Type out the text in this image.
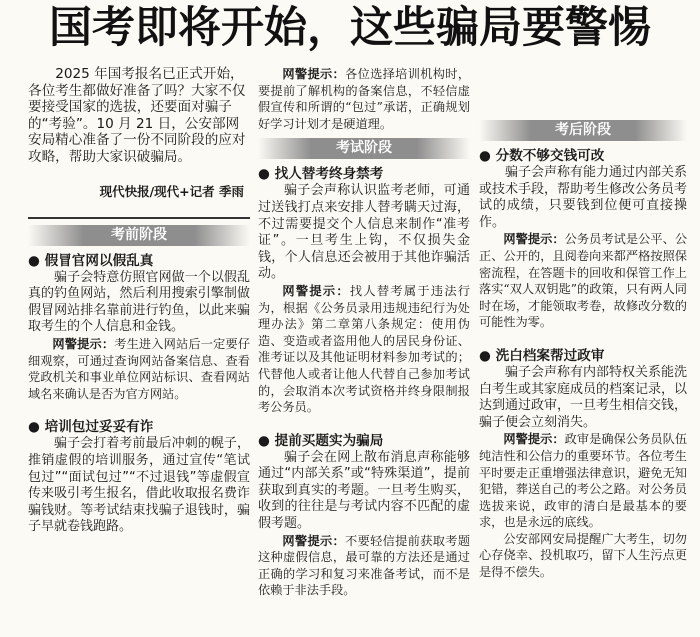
国考即将开始，这些骗局要警惕

2025 年国考报名已正式开始，各位考生都做好准备了吗？大家不仅要接受国家的选拔，还要面对骗子的“考验”。10 月 21 日，公安部网安局精心准备了一份不同阶段的应对攻略，帮助大家识破骗局。

现代快报/现代+记者 季雨
考前阶段
● 假冒官网以假乱真

骗子会特意仿照官网做一个以假乱真的钓鱼网站，然后利用搜索引擎制做假冒网站排名靠前进行钓鱼，以此来骗取考生的个人信息和金钱。

网警提示：考生进入网站后一定要仔细观察，可通过查询网站备案信息、查看党政机关和事业单位网站标识、查看网站域名来确认是否为官方网站。

● 培训包过妥妥有诈

骗子会打着考前最后冲刺的幌子，推销虚假的培训服务，通过宣传“笔试包过”“面试包过”“不过退钱”等虚假宣传来吸引考生报名，借此收取报名费诈骗钱财。等考试结束找骗子退钱时，骗子早就卷钱跑路。

网警提示：各位选择培训机构时，要提前了解机构的备案信息，不轻信虚假宣传和所谓的“包过”承诺，正确规划好学习计划才是硬道理。

考试阶段
● 找人替考终身禁考

骗子会声称认识监考老师，可通过送钱打点来安排人替考瞒天过海，不过需要提交个人信息来制作“准考证”。一旦考生上钩，不仅损失金钱，个人信息还会被用于其他诈骗活动。

网警提示：找人替考属于违法行为，根据《公务员录用违规违纪行为处理办法》第二章第八条规定：使用伪造、变造或者盗用他人的居民身份证、准考证以及其他证明材料参加考试的；代替他人或者让他人代替自己参加考试的，会取消本次考试资格并终身限制报考公务员。

● 提前买题实为骗局

骗子会在网上散布消息声称能够通过“内部关系”或“特殊渠道”，提前获取到真实的考题。一旦考生购买，收到的往往是与考试内容不匹配的虚假考题。

网警提示：不要轻信提前获取考题这种虚假信息，最可靠的方法还是通过正确的学习和复习来准备考试，而不是依赖于非法手段。

考后阶段
● 分数不够交钱可改

骗子会声称有能力通过内部关系或技术手段，帮助考生修改公务员考试的成绩，只要钱到位便可直接操作。

网警提示：公务员考试是公平、公正、公开的，且阅卷向来都严格按照保密流程，在答题卡的回收和保管工作上落实“双人双钥匙”的政策，只有两人同时在场，才能领取考卷，故修改分数的可能性为零。

● 洗白档案帮过政审

骗子会声称有内部特权关系能洗白考生或其家庭成员的档案记录，以达到通过政审，一旦考生相信交钱，骗子便会立刻消失。

网警提示：政审是确保公务员队伍纯洁性和公信力的重要环节。各位考生平时要走正重增强法律意识，避免无知犯错，葬送自己的考公之路。对公务员选拔来说，政审的清白是最基本的要求，也是永远的底线。

公安部网安局提醒广大考生，切勿心存侥幸、投机取巧，留下人生污点更是得不偿失。
